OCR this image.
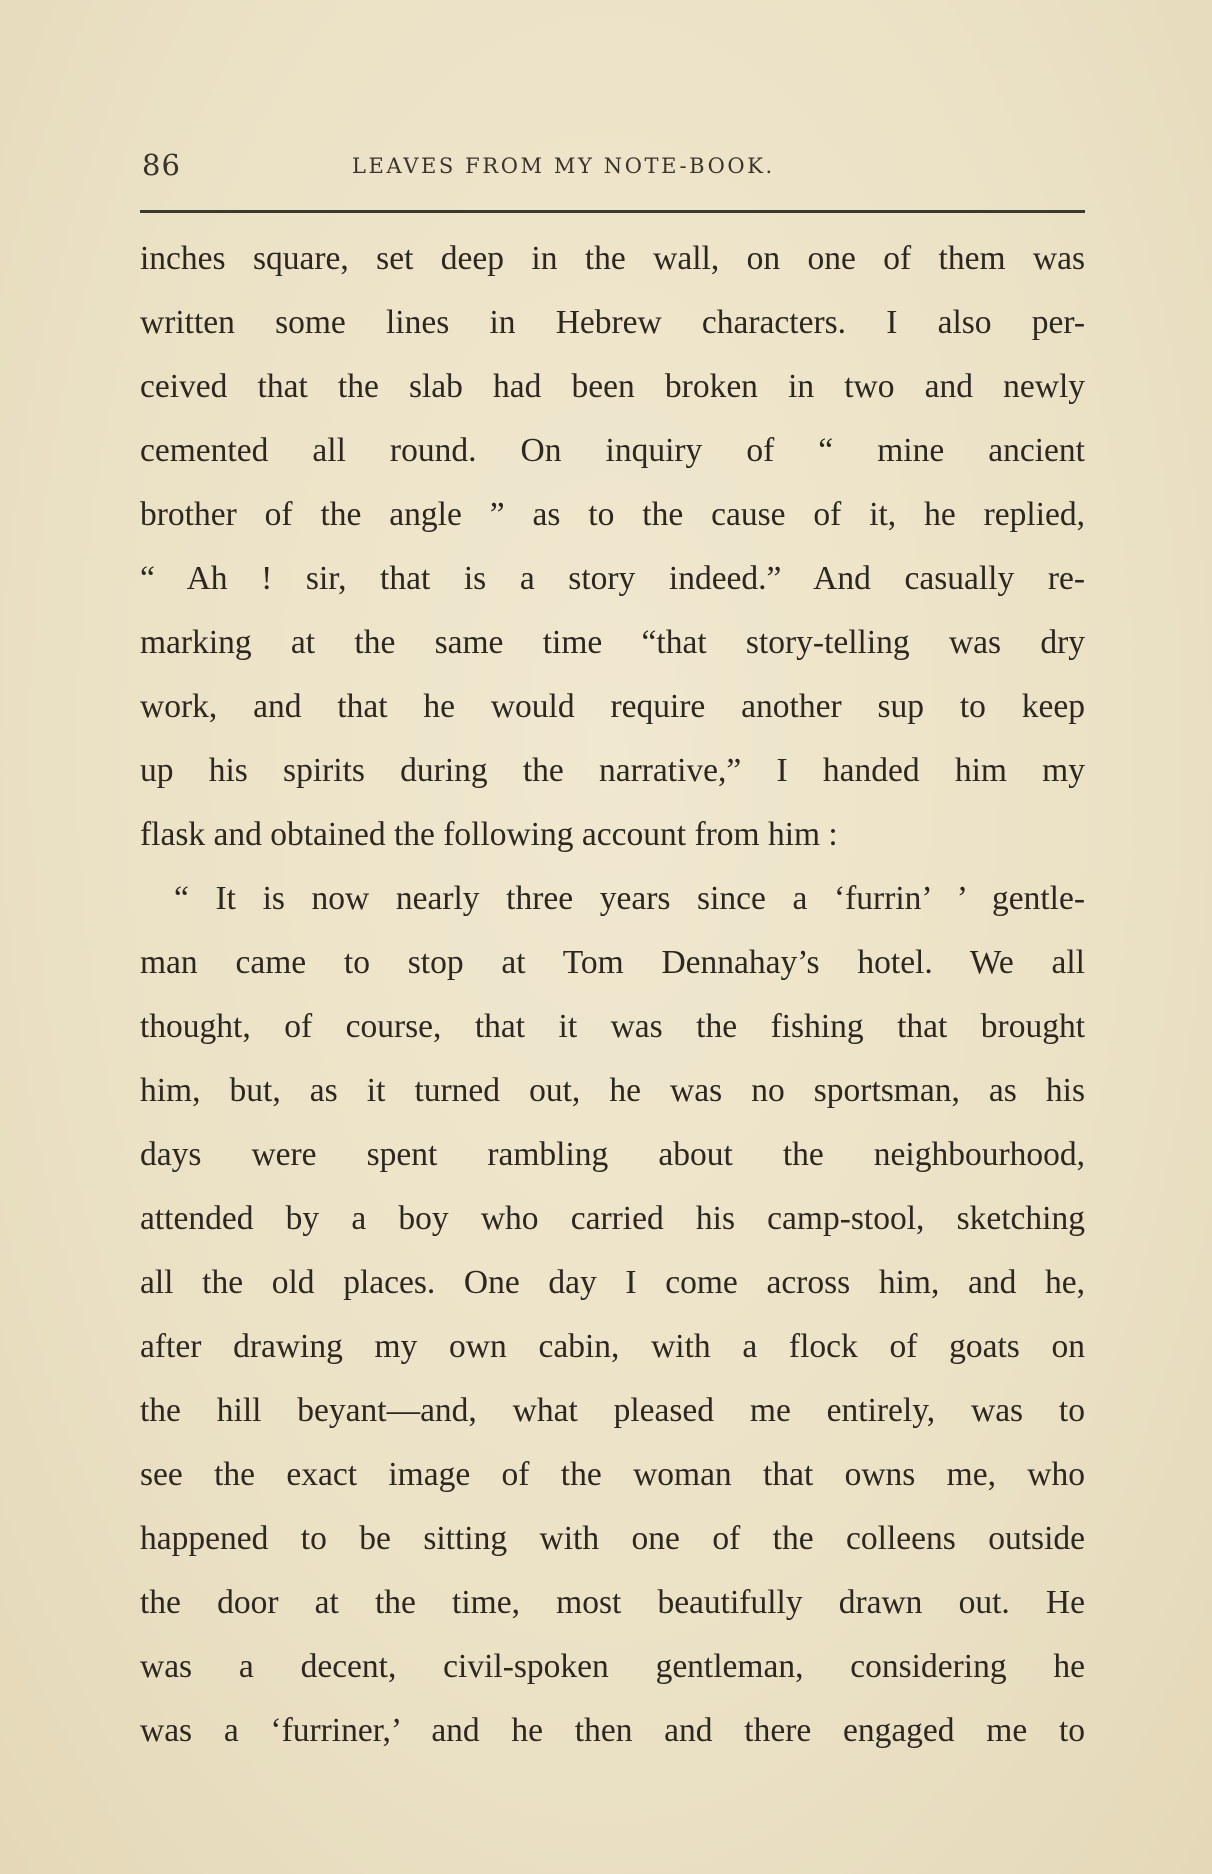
86	LEAVES FROM MY NOTE-BOOK.
inches square, set deep in the wall, on one of them was
written some lines in Hebrew characters. I also per-
ceived that the slab had been broken in two and newly
cemented all round. On inquiry of “ mine ancient
brother of the angle ” as to the cause of it, he replied,
“ Ah ! sir, that is a story indeed.” And casually re-
marking at the same time “that story-telling was dry
work, and that he would require another sup to keep
up his spirits during the narrative,” I handed him my
flask and obtained the following account from him :
“ It is now nearly three years since a ‘furrin’ ’ gentle-
man came to stop at Tom Dennahay’s hotel. We all
thought, of course, that it was the fishing that brought
him, but, as it turned out, he was no sportsman, as his
days were spent rambling about the neighbourhood,
attended by a boy who carried his camp-stool, sketching
all the old places. One day I come across him, and he,
after drawing my own cabin, with a flock of goats on
the hill beyant—and, what pleased me entirely, was to
see the exact image of the woman that owns me, who
happened to be sitting with one of the colleens outside
the door at the time, most beautifully drawn out. He
was a decent, civil-spoken gentleman, considering he
was a ‘furriner,’ and he then and there engaged me to
